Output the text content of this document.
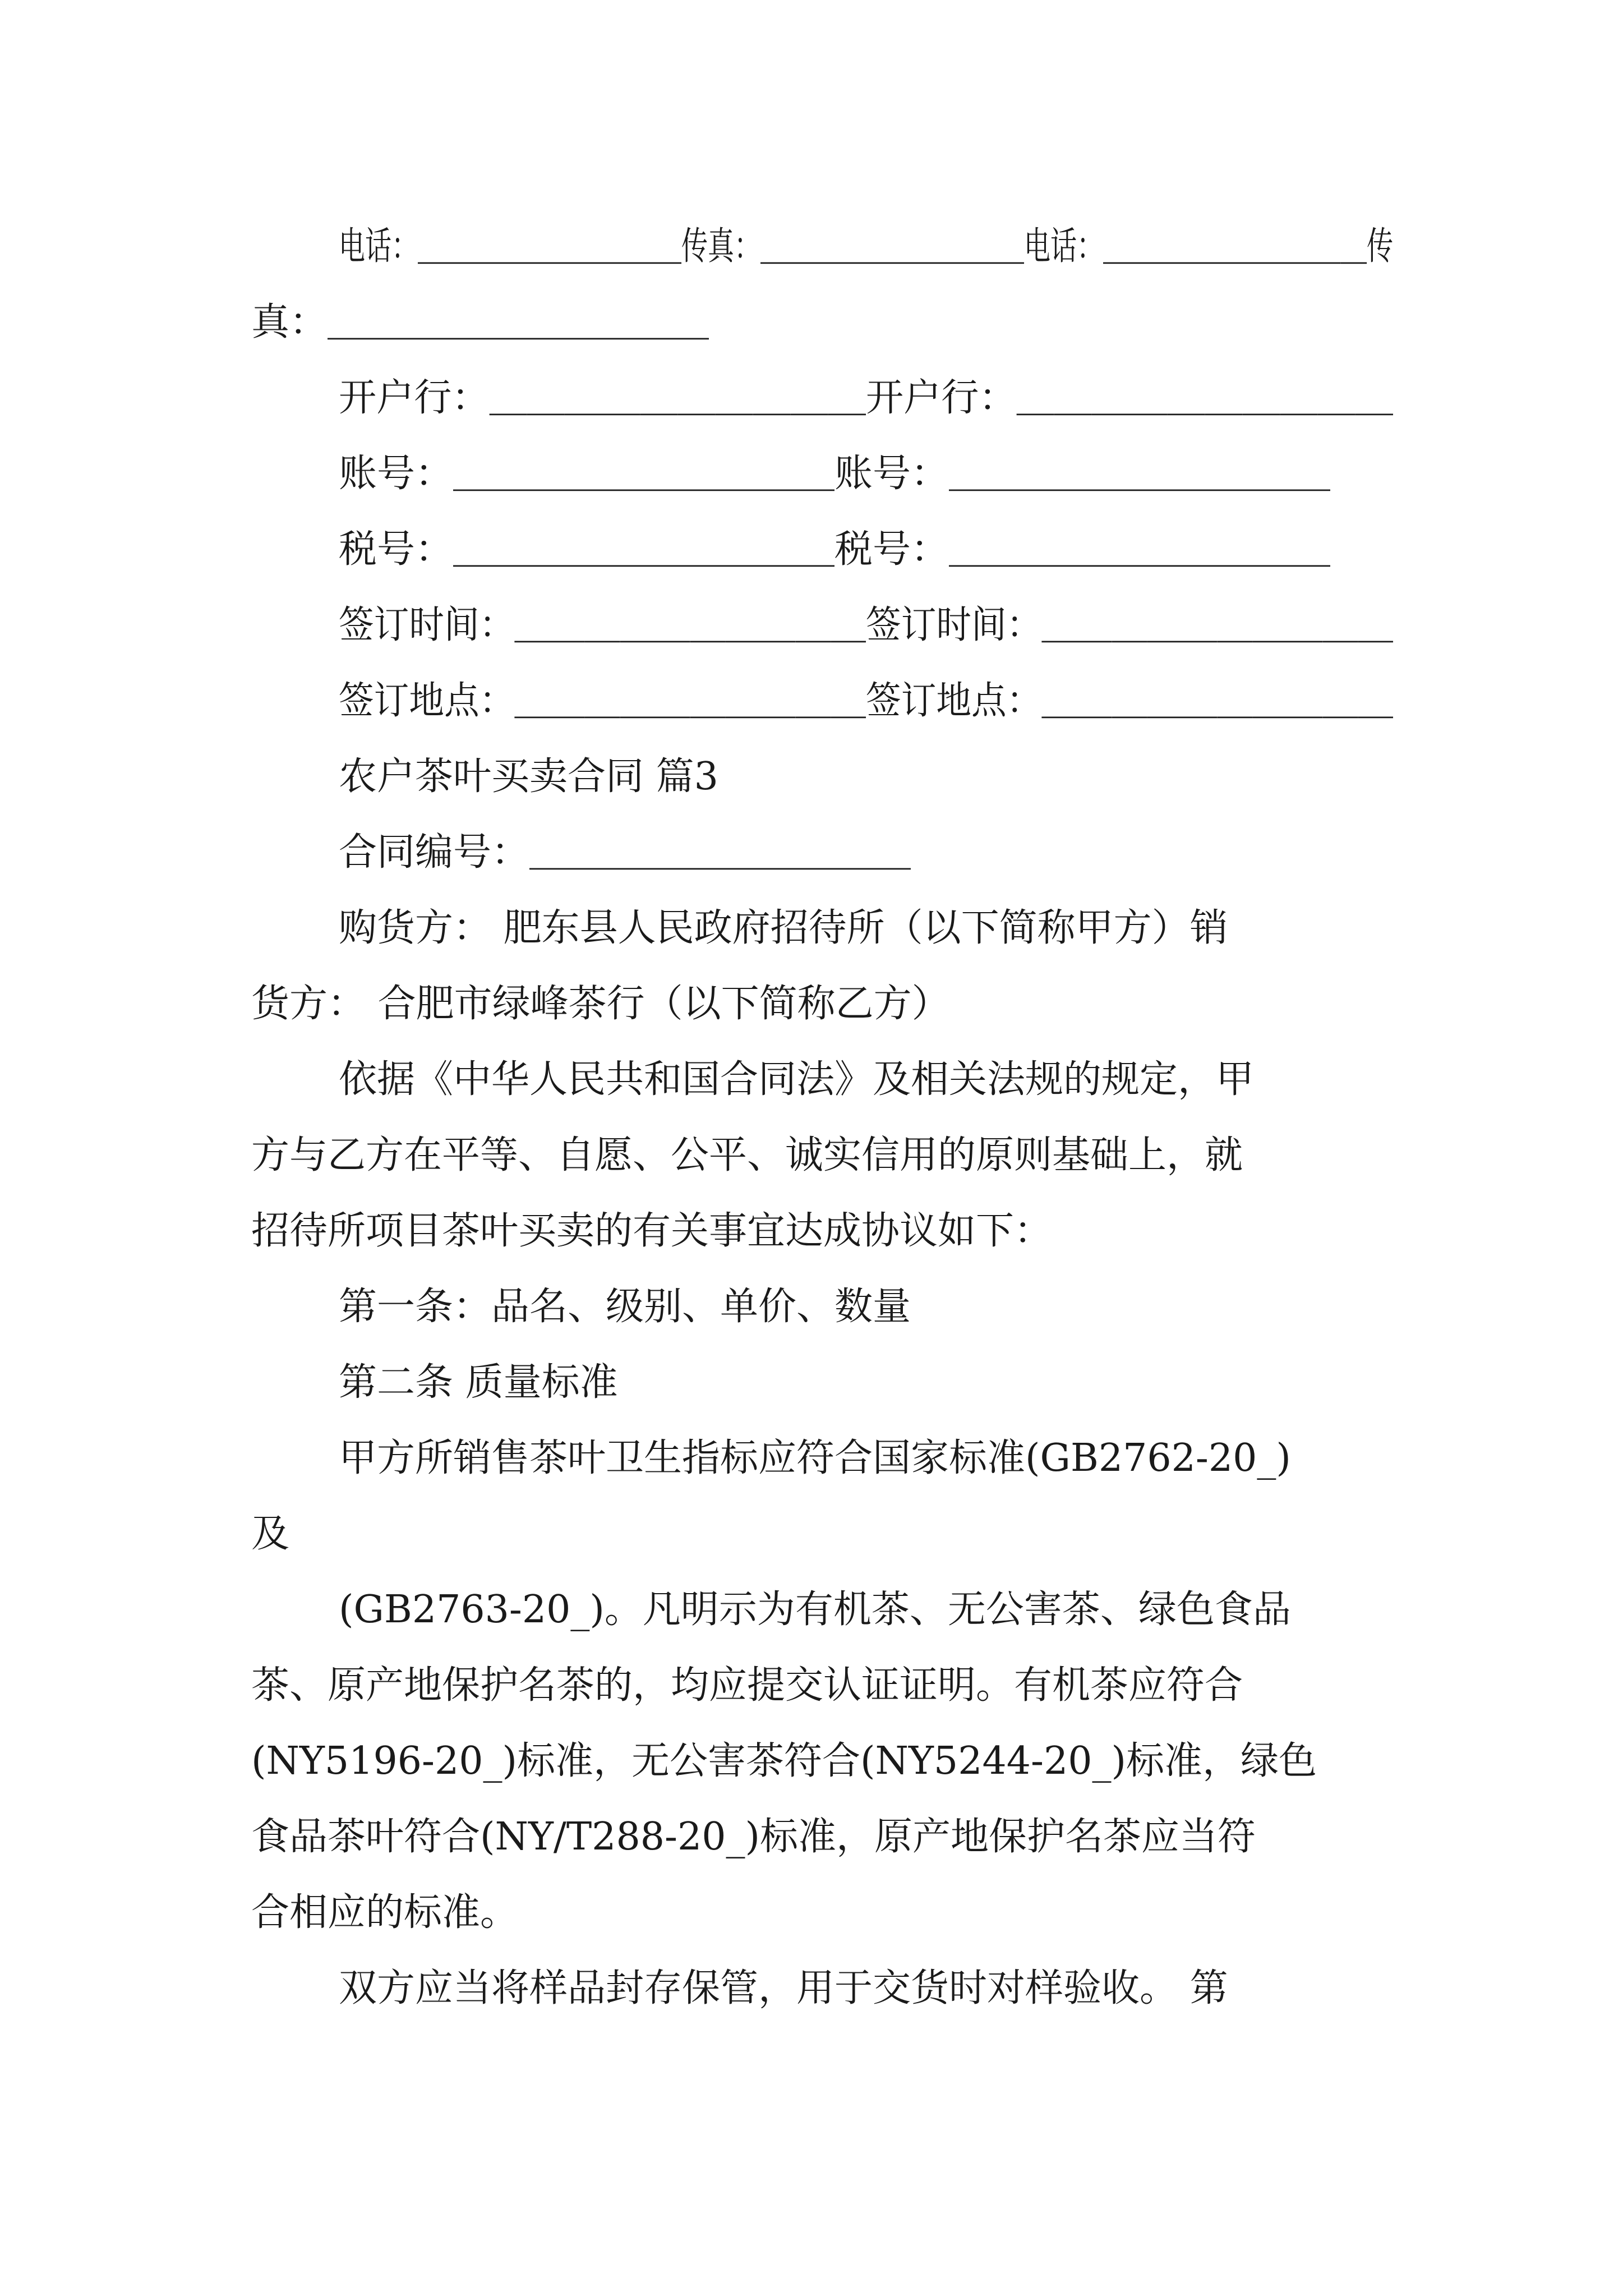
电话：＿＿＿＿＿＿＿＿＿＿传真：＿＿＿＿＿＿＿＿＿＿电话：＿＿＿＿＿＿＿＿＿＿传
真：＿＿＿＿＿＿＿＿＿＿
开户行：＿＿＿＿＿＿＿＿＿＿开户行：＿＿＿＿＿＿＿＿＿＿
账号：＿＿＿＿＿＿＿＿＿＿账号：＿＿＿＿＿＿＿＿＿＿
税号：＿＿＿＿＿＿＿＿＿＿税号：＿＿＿＿＿＿＿＿＿＿
签订时间：＿＿＿＿＿＿＿＿＿＿签订时间：＿＿＿＿＿＿＿＿＿＿
签订地点：＿＿＿＿＿＿＿＿＿＿签订地点：＿＿＿＿＿＿＿＿＿＿
农户茶叶买卖合同 篇3
合同编号：＿＿＿＿＿＿＿＿＿＿
购货方： 肥东县人民政府招待所（以下简称甲方）销
货方： 合肥市绿峰茶行（以下简称乙方）
依据《中华人民共和国合同法》及相关法规的规定，甲
方与乙方在平等、自愿、公平、诚实信用的原则基础上，就
招待所项目茶叶买卖的有关事宜达成协议如下：
第一条：品名、级别、单价、数量
第二条 质量标准
甲方所销售茶叶卫生指标应符合国家标准(GB2762-20_)
及
(GB2763-20_)。凡明示为有机茶、无公害茶、绿色食品
茶、原产地保护名茶的，均应提交认证证明。有机茶应符合
(NY5196-20_)标准，无公害茶符合(NY5244-20_)标准，绿色
食品茶叶符合(NY/T288-20_)标准，原产地保护名茶应当符
合相应的标准。
双方应当将样品封存保管，用于交货时对样验收。 第
